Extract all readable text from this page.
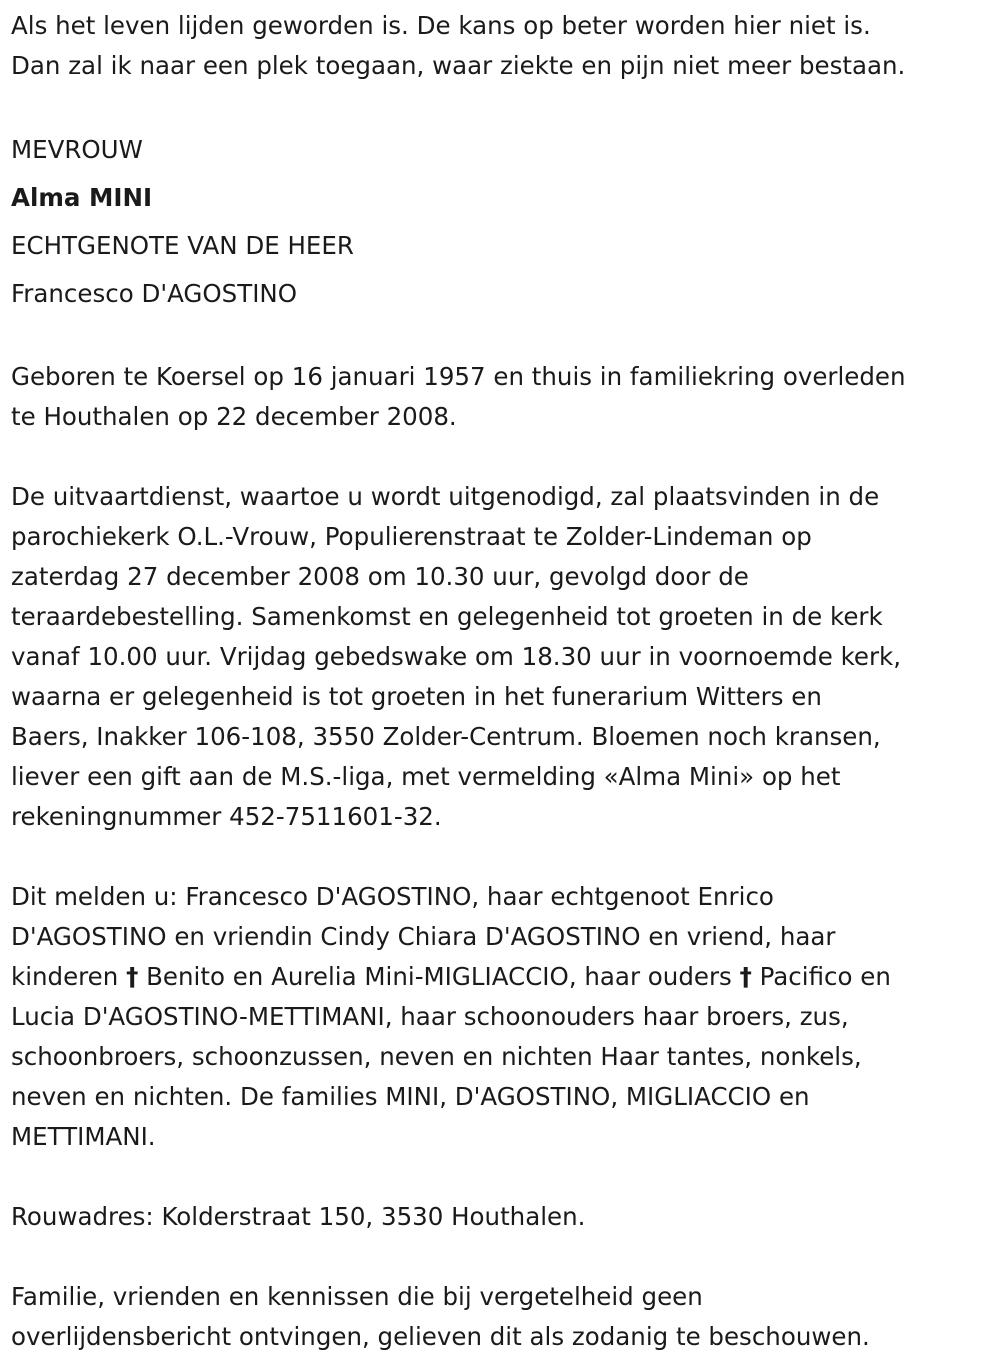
Als het leven lijden geworden is. De kans op beter worden hier niet is.

Dan zal ik naar een plek toegaan, waar ziekte en pijn niet meer bestaan.

MEVROUW

Alma MINI

ECHTGENOTE VAN DE HEER

Francesco D'AGOSTINO

Geboren te Koersel op 16 januari 1957 en thuis in familiekring overleden

te Houthalen op 22 december 2008.

De uitvaartdienst, waartoe u wordt uitgenodigd, zal plaatsvinden in de

parochiekerk O.L.-Vrouw, Populierenstraat te Zolder-Lindeman op

zaterdag 27 december 2008 om 10.30 uur, gevolgd door de

teraardebestelling. Samenkomst en gelegenheid tot groeten in de kerk

vanaf 10.00 uur. Vrijdag gebedswake om 18.30 uur in voornoemde kerk,

waarna er gelegenheid is tot groeten in het funerarium Witters en

Baers, Inakker 106-108, 3550 Zolder-Centrum. Bloemen noch kransen,

liever een gift aan de M.S.-liga, met vermelding «Alma Mini» op het

rekeningnummer 452-7511601-32.

Dit melden u: Francesco D'AGOSTINO, haar echtgenoot Enrico

D'AGOSTINO en vriendin Cindy Chiara D'AGOSTINO en vriend, haar

kinderen † Benito en Aurelia Mini-MIGLIACCIO, haar ouders † Pacifico en

Lucia D'AGOSTINO-METTIMANI, haar schoonouders haar broers, zus,

schoonbroers, schoonzussen, neven en nichten Haar tantes, nonkels,

neven en nichten. De families MINI, D'AGOSTINO, MIGLIACCIO en

METTIMANI.

Rouwadres: Kolderstraat 150, 3530 Houthalen.

Familie, vrienden en kennissen die bij vergetelheid geen

overlijdensbericht ontvingen, gelieven dit als zodanig te beschouwen.
